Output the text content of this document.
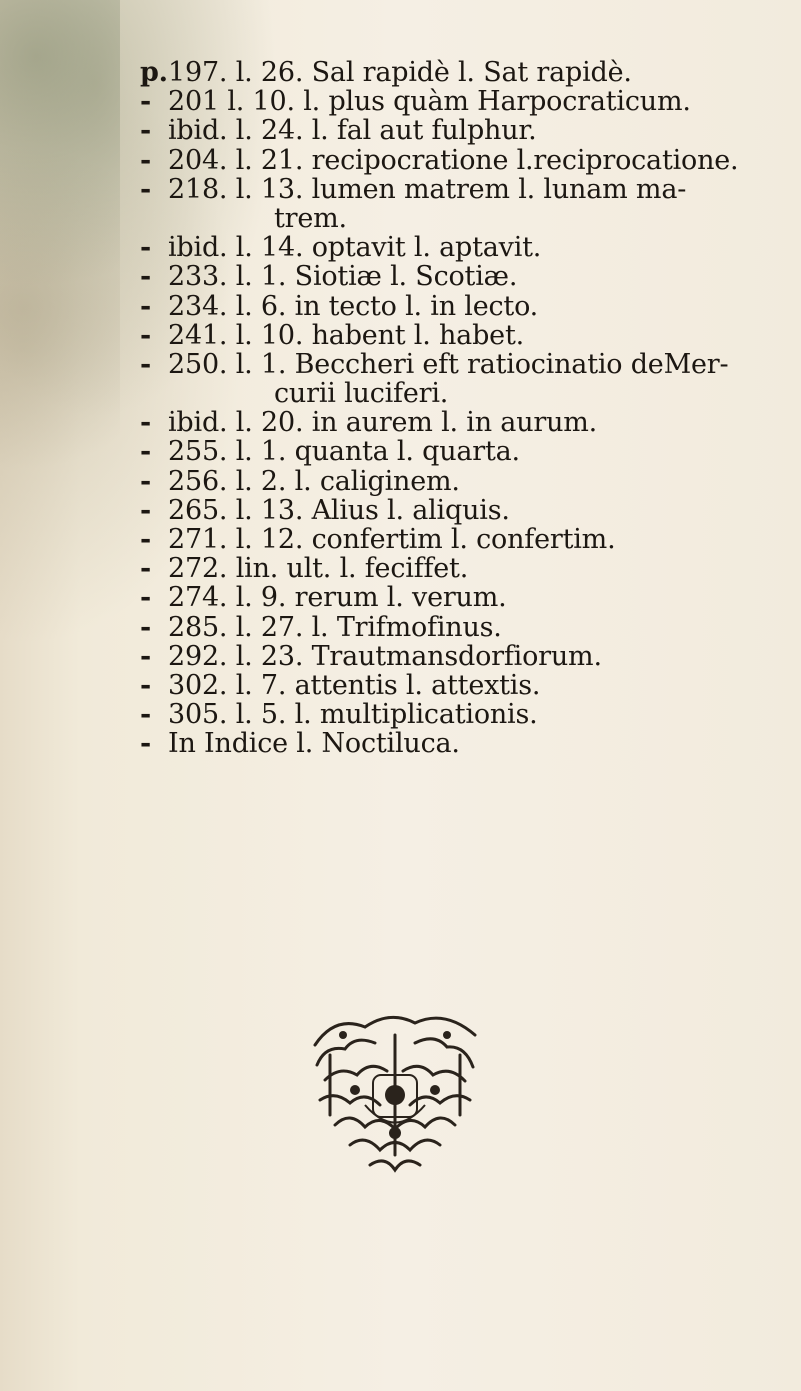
p.197. l. 26. Sal rapidè l. Sat rapidè.
- 201 l. 10. l. plus quàm Harpocraticum.
- ibid. l. 24. l. fal aut fulphur.
- 204. l. 21. recipocratione l.reciprocatione.
- 218. l. 13. lumen matrem l. lunam ma-
trem.
- ibid. l. 14. optavit l. aptavit.
- 233. l. 1. Siotiæ l. Scotiæ.
- 234. l. 6. in tecto l. in lecto.
- 241. l. 10. habent l. habet.
- 250. l. 1. Beccheri eft ratiocinatio deMer-
curii luciferi.
- ibid. l. 20. in aurem l. in aurum.
- 255. l. 1. quanta l. quarta.
- 256. l. 2. l. caliginem.
- 265. l. 13. Alius l. aliquis.
- 271. l. 12. confertim l. confertim.
- 272. lin. ult. l. feciffet.
- 274. l. 9. rerum l. verum.
- 285. l. 27. l. Trifmofinus.
- 292. l. 23. Trautmansdorfiorum.
- 302. l. 7. attentis l. attextis.
- 305. l. 5. l. multiplicationis.
- In Indice l. Noctiluca.
